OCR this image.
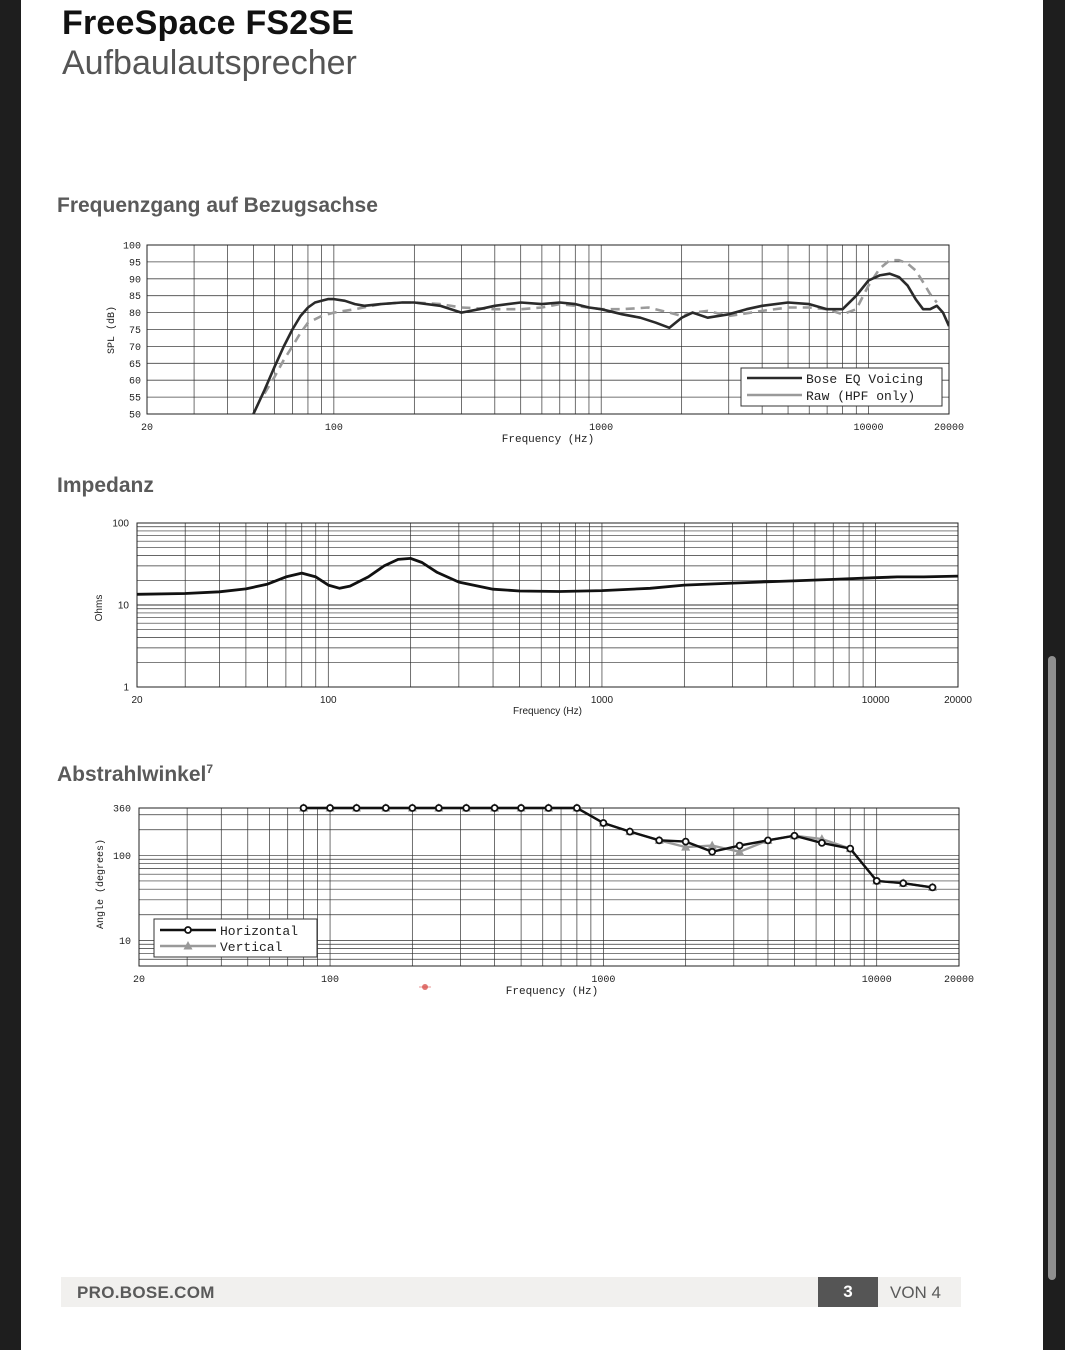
FreeSpace FS2SE
Aufbaulautsprecher
Frequenzgang auf Bezugsachse
Impedanz
Abstrahlwinkel$^7$
100
95
90
85
80
75
70
65
60
55
50
20	100	1000	10000	20000
Frequency (Hz)
SPL (dB)
Bose EQ Voicing
Raw (HPF only)
100
10
1
20	100	1000	10000	20000
Frequency (Hz)
Ohms
360
100
10
20	100	1000	10000	20000
Frequency (Hz)
Angle (degrees)
Horizontal
Vertical
PRO.BOSE.COM	3	VON 4
